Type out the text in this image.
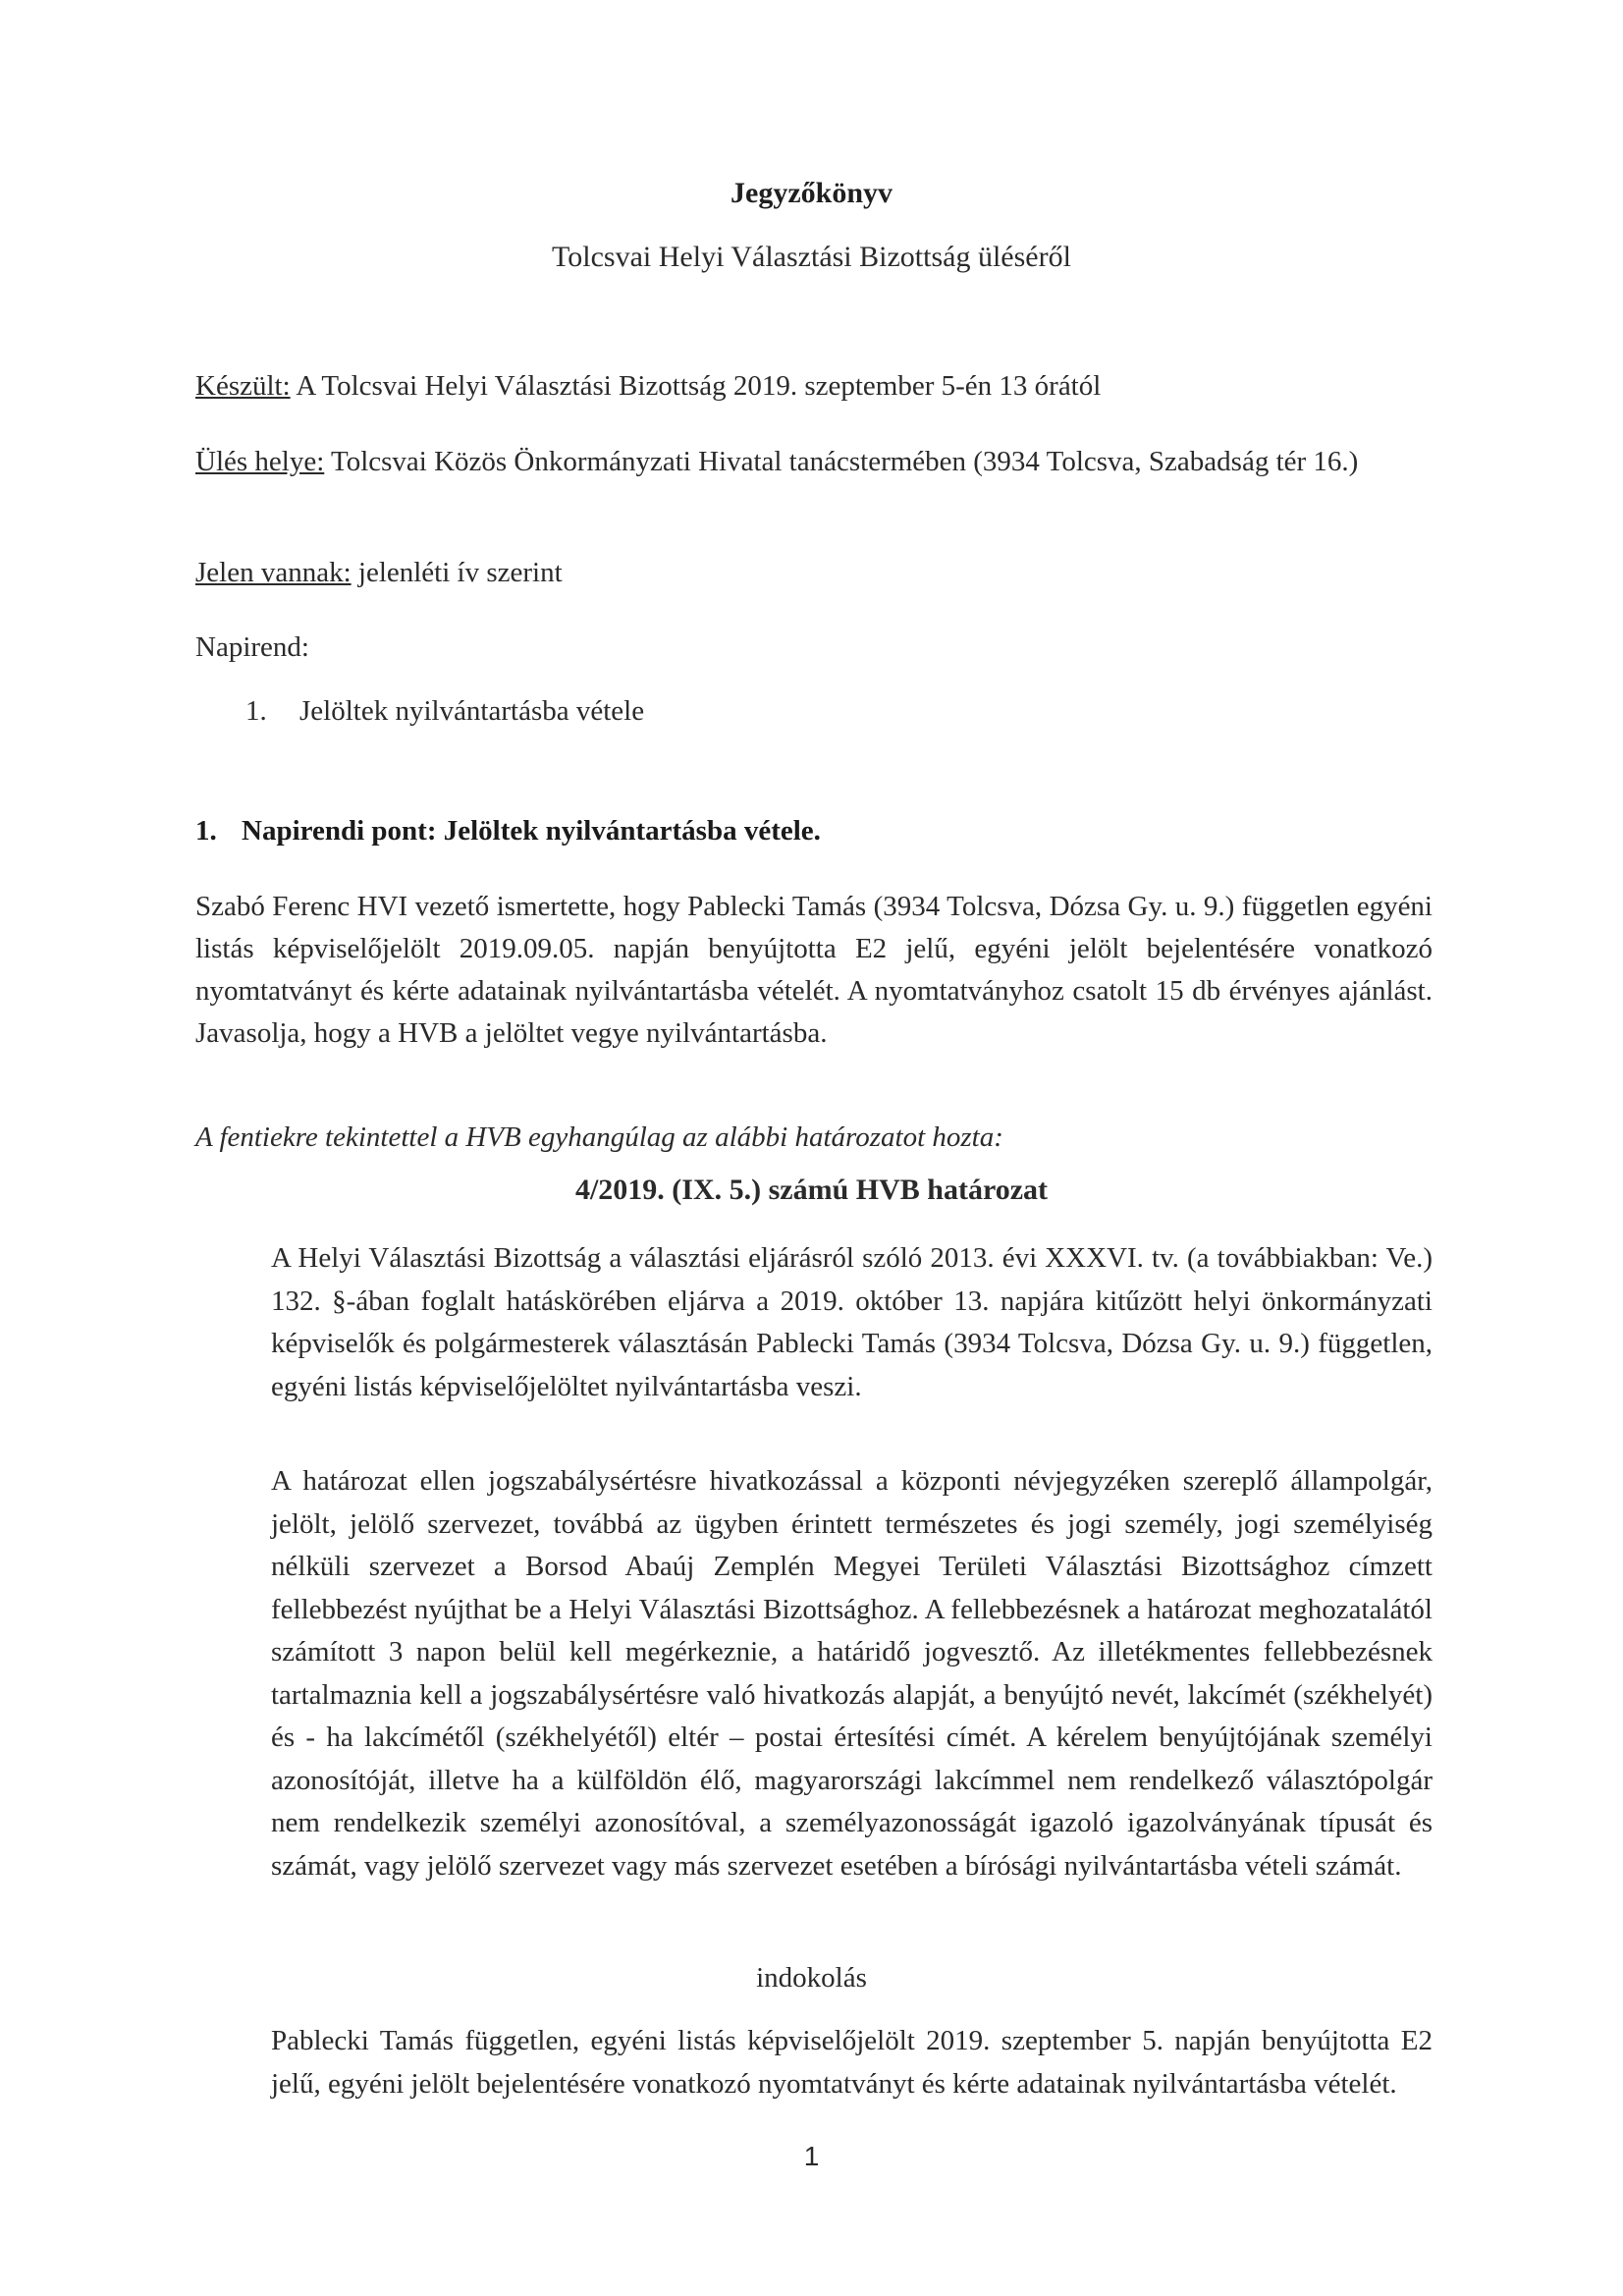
Jegyzőkönyv

Tolcsvai Helyi Választási Bizottság üléséről

Készült: A Tolcsvai Helyi Választási Bizottság 2019. szeptember 5-én 13 órától

Ülés helye: Tolcsvai Közös Önkormányzati Hivatal tanácstermében (3934 Tolcsva, Szabadság tér 16.)

Jelen vannak: jelenléti ív szerint

Napirend:

1. Jelöltek nyilvántartásba vétele

1. Napirendi pont: Jelöltek nyilvántartásba vétele.

Szabó Ferenc HVI vezető ismertette, hogy Pablecki Tamás (3934 Tolcsva, Dózsa Gy. u. 9.) független egyéni listás képviselőjelölt 2019.09.05. napján benyújtotta E2 jelű, egyéni jelölt bejelentésére vonatkozó nyomtatványt és kérte adatainak nyilvántartásba vételét. A nyomtatványhoz csatolt 15 db érvényes ajánlást. Javasolja, hogy a HVB a jelöltet vegye nyilvántartásba.

A fentiekre tekintettel a HVB egyhangúlag az alábbi határozatot hozta:

4/2019. (IX. 5.) számú HVB határozat

A Helyi Választási Bizottság a választási eljárásról szóló 2013. évi XXXVI. tv. (a továbbiakban: Ve.) 132. §-ában foglalt hatáskörében eljárva a 2019. október 13. napjára kitűzött helyi önkormányzati képviselők és polgármesterek választásán Pablecki Tamás (3934 Tolcsva, Dózsa Gy. u. 9.) független, egyéni listás képviselőjelöltet nyilvántartásba veszi.

A határozat ellen jogszabálysértésre hivatkozással a központi névjegyzéken szereplő állampolgár, jelölt, jelölő szervezet, továbbá az ügyben érintett természetes és jogi személy, jogi személyiség nélküli szervezet a Borsod Abaúj Zemplén Megyei Területi Választási Bizottsághoz címzett fellebbezést nyújthat be a Helyi Választási Bizottsághoz. A fellebbezésnek a határozat meghozatalától számított 3 napon belül kell megérkeznie, a határidő jogvesztő. Az illetékmentes fellebbezésnek tartalmaznia kell a jogszabálysértésre való hivatkozás alapját, a benyújtó nevét, lakcímét (székhelyét) és - ha lakcímétől (székhelyétől) eltér – postai értesítési címét. A kérelem benyújtójának személyi azonosítóját, illetve ha a külföldön élő, magyarországi lakcímmel nem rendelkező választópolgár nem rendelkezik személyi azonosítóval, a személyazonosságát igazoló igazolványának típusát és számát, vagy jelölő szervezet vagy más szervezet esetében a bírósági nyilvántartásba vételi számát.

indokolás

Pablecki Tamás független, egyéni listás képviselőjelölt 2019. szeptember 5. napján benyújtotta E2 jelű, egyéni jelölt bejelentésére vonatkozó nyomtatványt és kérte adatainak nyilvántartásba vételét.

1
